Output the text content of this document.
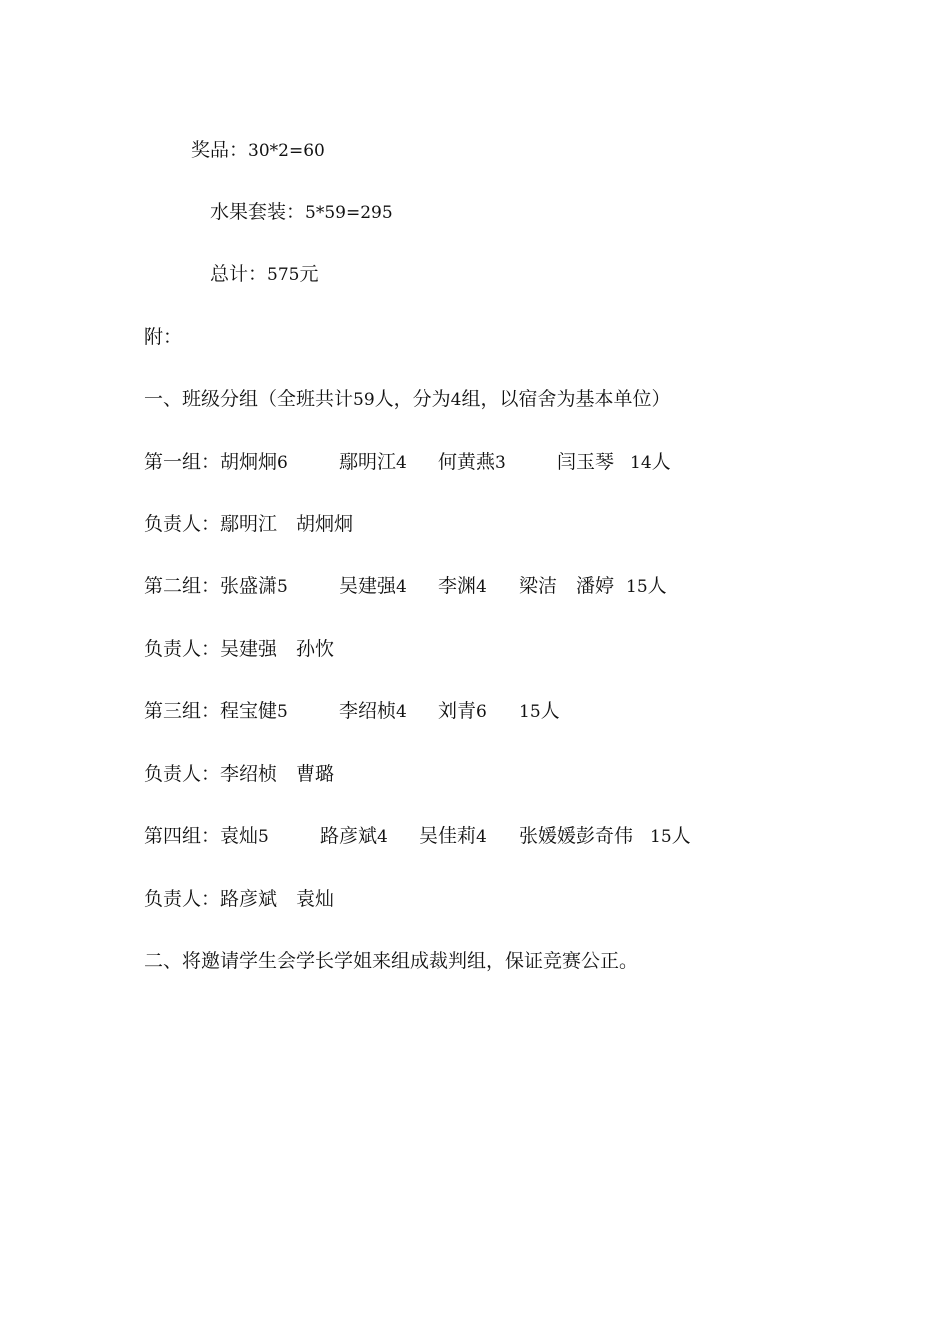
奖品：30*2=60
水果套装：5*59=295
总计：575元
附：
一、班级分组（全班共计59人，分为4组，以宿舍为基本单位）
第一组： 胡炯炯6	鄢明江4 何黄燕3	闫玉琴 14人
负责人：鄢明江　胡炯炯
第二组： 张盛潇5	吴建强4 李渊4 梁洁　潘婷 15人
负责人：吴建强　孙忺
第三组： 程宝健5	李绍桢4 刘青6 15人
负责人：李绍桢　曹璐
第四组： 袁灿5	路彦斌4 吴佳莉4 张媛媛彭奇伟 15人
负责人：路彦斌　袁灿
二、将邀请学生会学长学姐来组成裁判组，保证竞赛公正。
